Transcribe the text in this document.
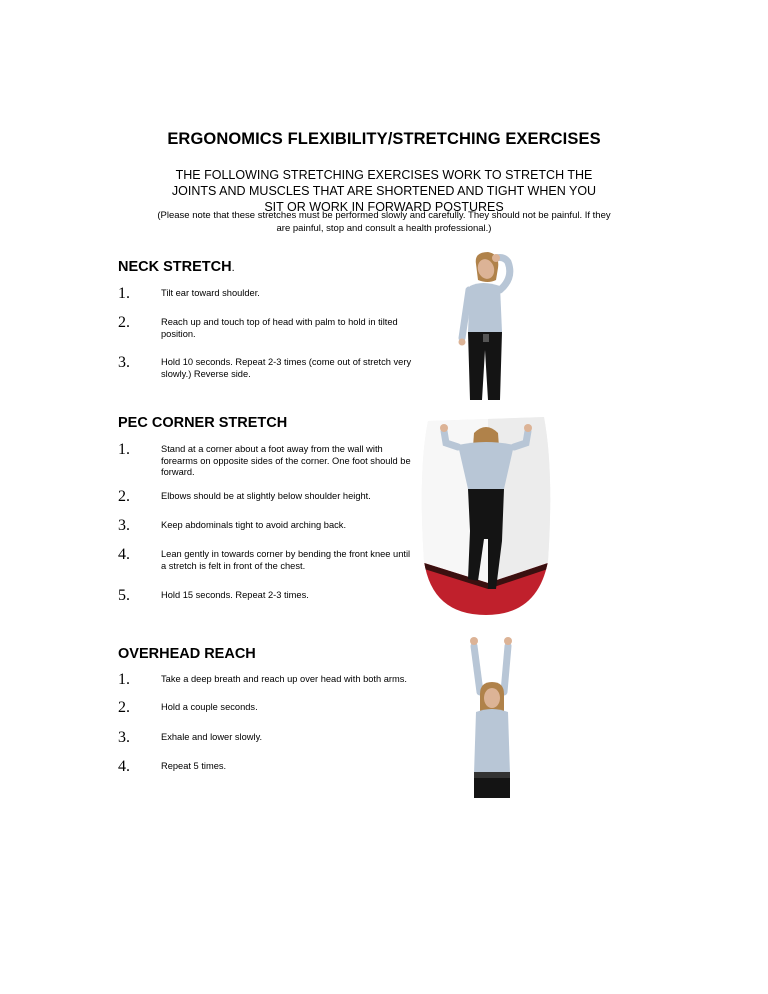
ERGONOMICS FLEXIBILITY/STRETCHING EXERCISES
THE FOLLOWING STRETCHING EXERCISES WORK TO STRETCH THE
JOINTS AND MUSCLES THAT ARE SHORTENED AND TIGHT WHEN YOU
SIT OR WORK IN FORWARD POSTURES
(Please note that these stretches must be performed slowly and carefully. They should not be painful. If they
are painful, stop and consult a health professional.)
NECK STRETCH.
1.	Tilt ear toward shoulder.
2.	Reach up and touch top of head with palm to hold in tilted position.
3.	Hold 10 seconds. Repeat 2-3 times (come out of stretch very slowly.) Reverse side.
PEC CORNER STRETCH
1.	Stand at a corner about a foot away from the wall with forearms on opposite sides of the corner. One foot should be forward.
2.	Elbows should be at slightly below shoulder height.
3.	Keep abdominals tight to avoid arching back.
4.	Lean gently in towards corner by bending the front knee until a stretch is felt in front of the chest.
5.	Hold 15 seconds. Repeat 2-3 times.
OVERHEAD REACH
1.	Take a deep breath and reach up over head with both arms.
2.	Hold a couple seconds.
3.	Exhale and lower slowly.
4.	Repeat 5 times.
